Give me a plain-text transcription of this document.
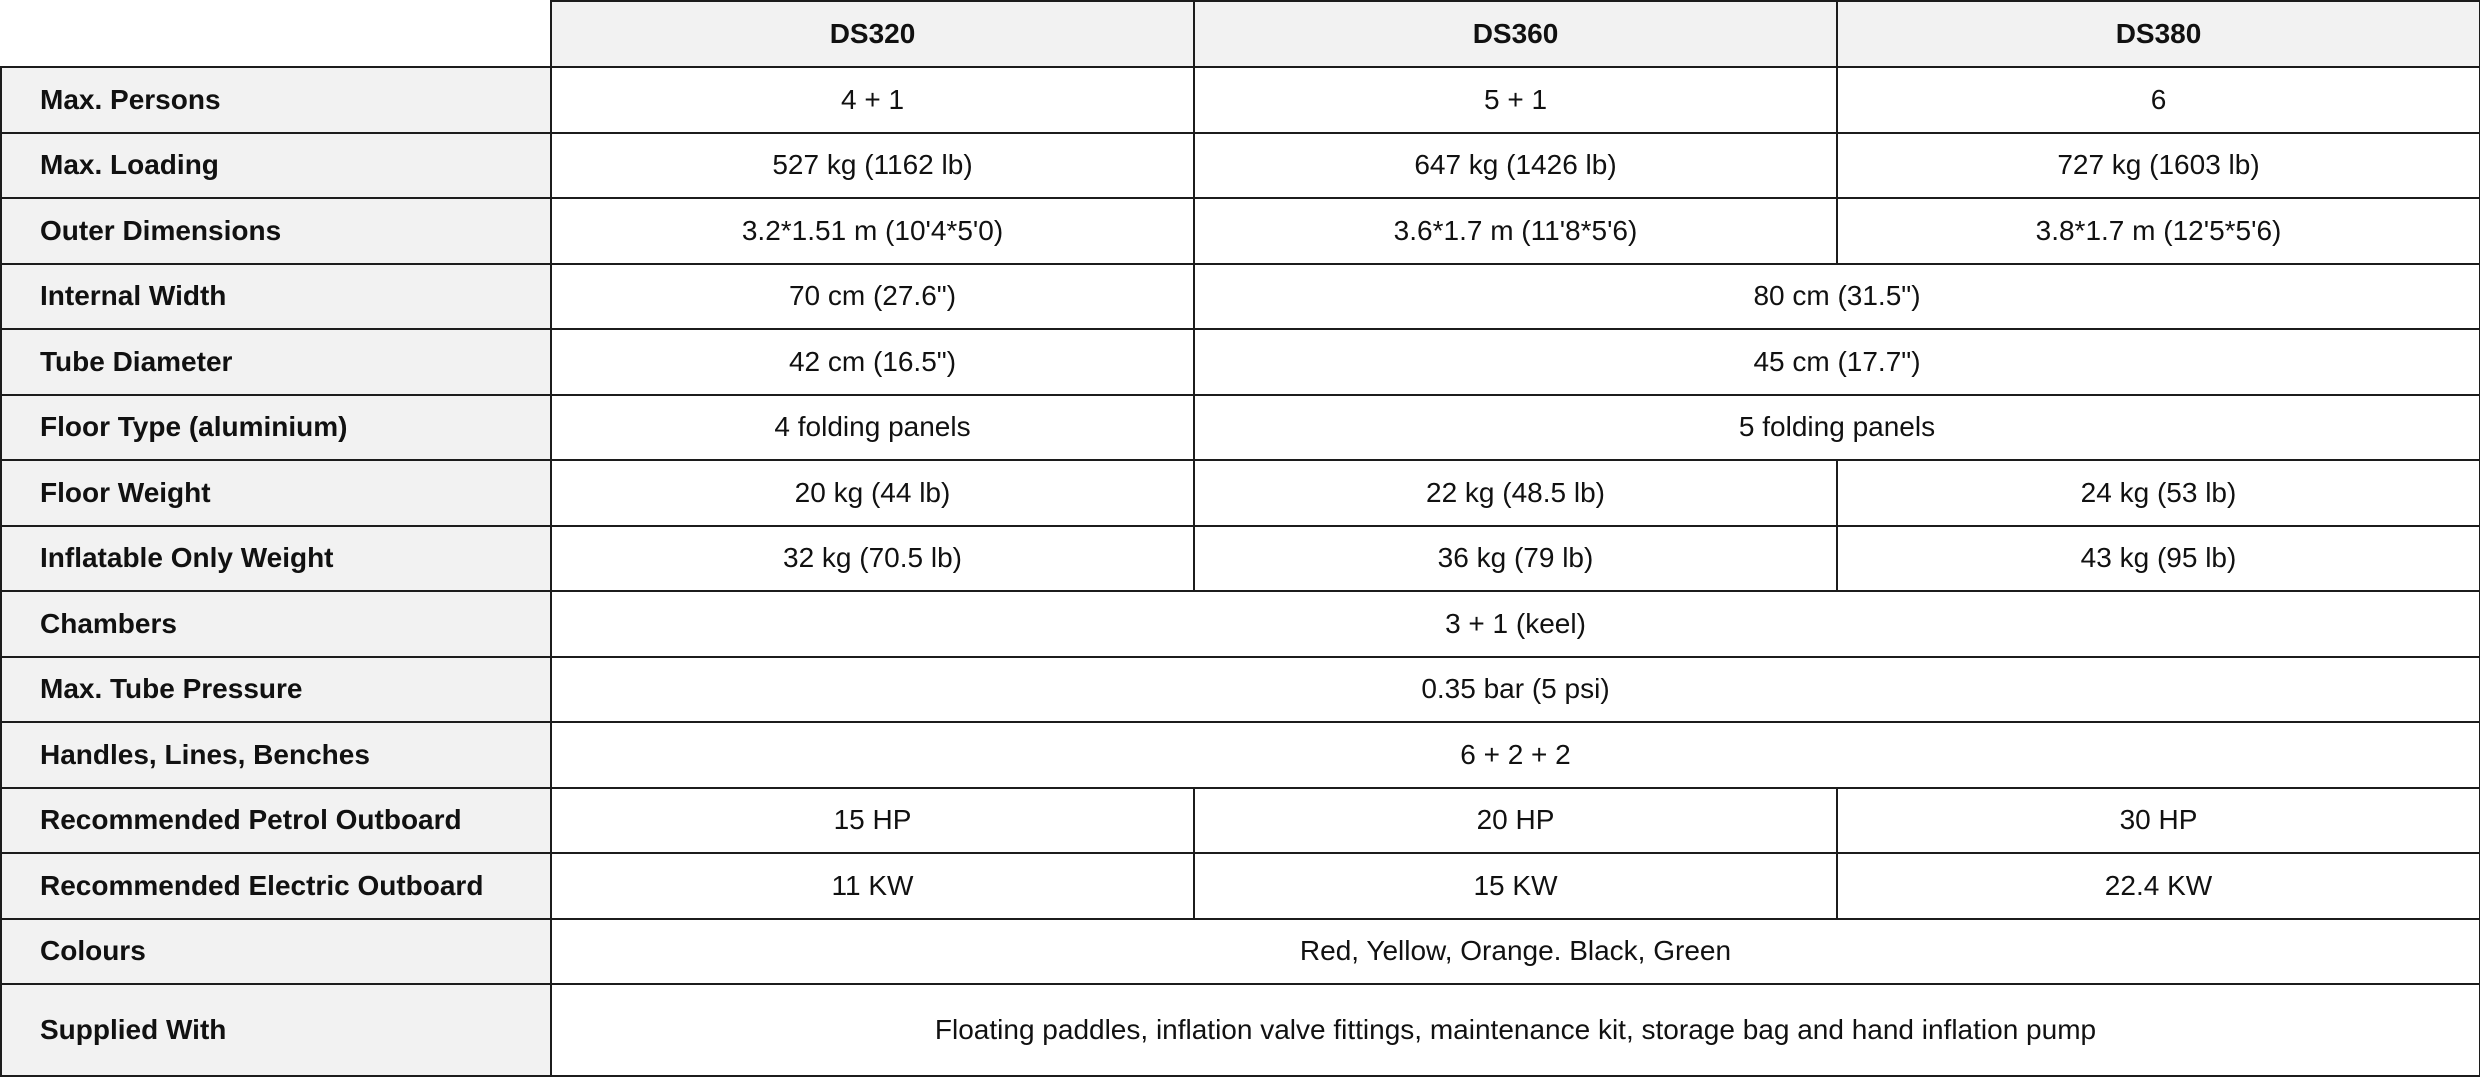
	DS320	DS360	DS380
Max. Persons	4 + 1	5 + 1	6
Max. Loading	527 kg (1162 lb)	647 kg (1426 lb)	727 kg (1603 lb)
Outer Dimensions	3.2*1.51 m (10'4*5'0)	3.6*1.7 m (11'8*5'6)	3.8*1.7 m (12'5*5'6)
Internal Width	70 cm (27.6")	80 cm (31.5")	
Tube Diameter	42 cm (16.5")	45 cm (17.7")	
Floor Type (aluminium)	4 folding panels	5 folding panels	
Floor Weight	20 kg (44 lb)	22 kg (48.5 lb)	24 kg (53 lb)
Inflatable Only Weight	32 kg (70.5 lb)	36 kg (79 lb)	43 kg (95 lb)
Chambers	3 + 1 (keel)		
Max. Tube Pressure	0.35 bar (5 psi)		
Handles, Lines, Benches	6 + 2 + 2		
Recommended Petrol Outboard	15 HP	20 HP	30 HP
Recommended Electric Outboard	11 KW	15 KW	22.4 KW
Colours	Red, Yellow, Orange. Black, Green		
Supplied With	Floating paddles, inflation valve fittings, maintenance kit, storage bag and hand inflation pump		
